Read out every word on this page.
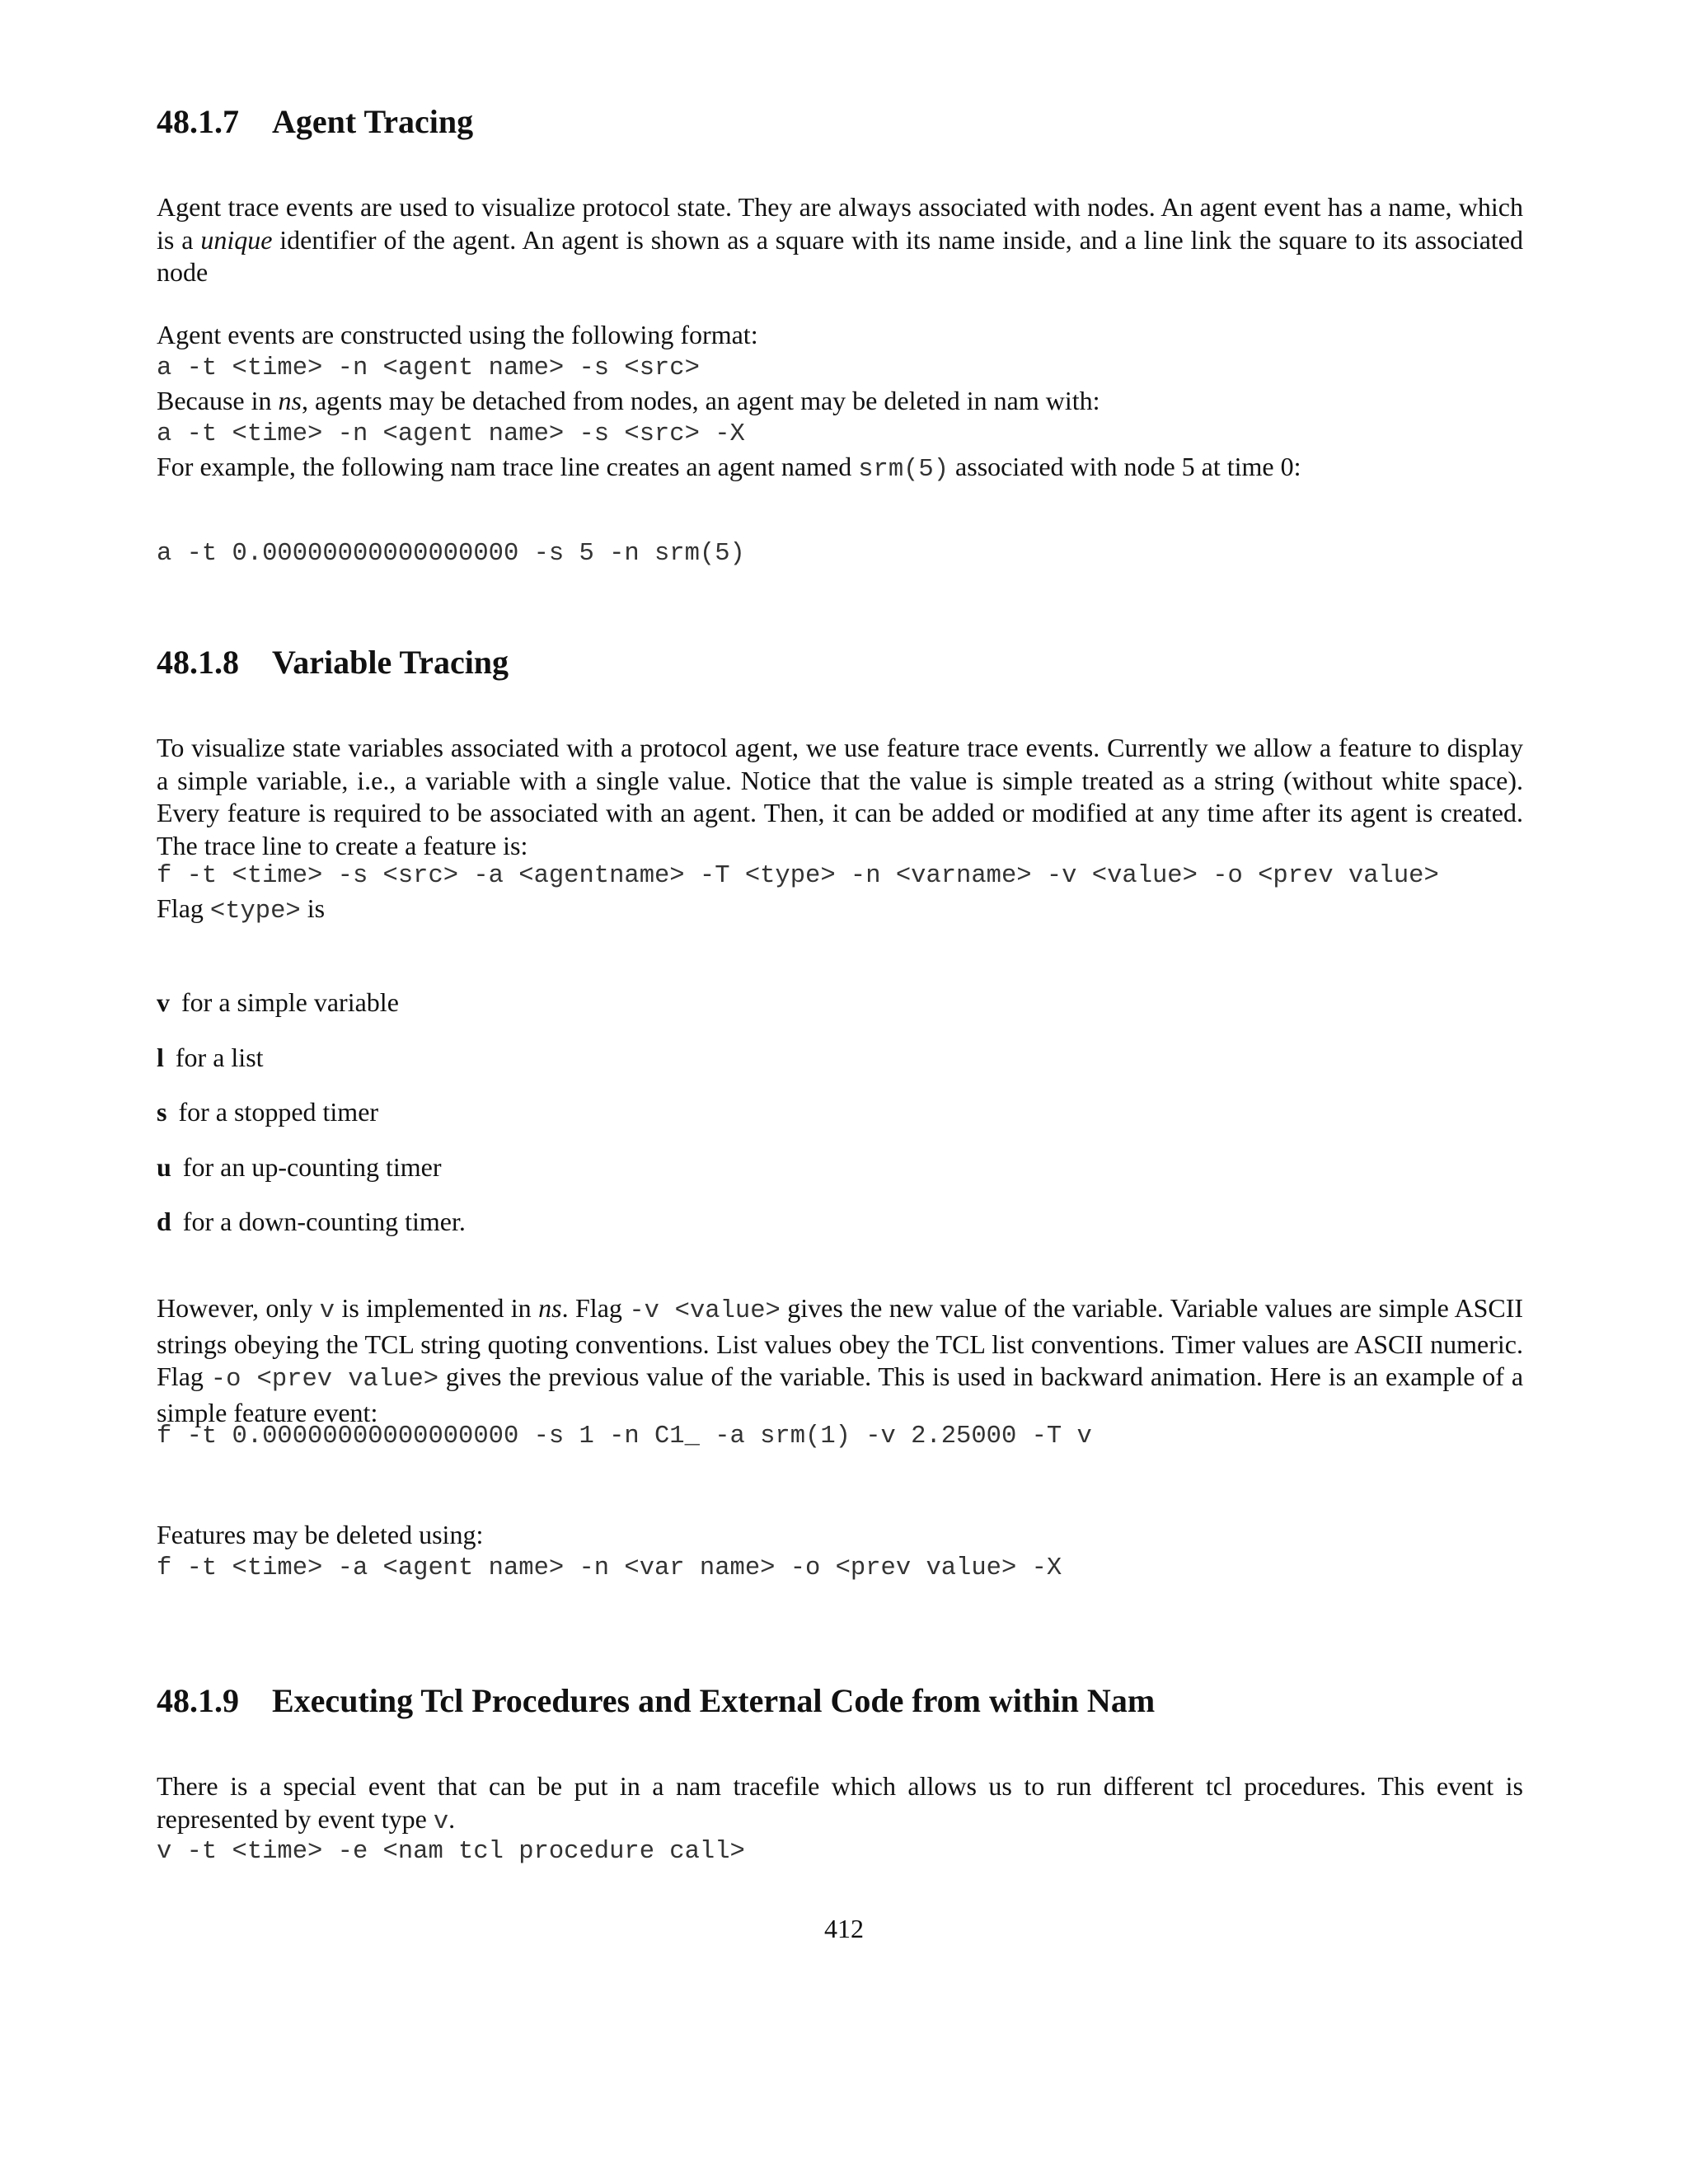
48.1.7 Agent Tracing
Agent trace events are used to visualize protocol state. They are always associated with nodes. An agent event has a name, which is a unique identifier of the agent. An agent is shown as a square with its name inside, and a line link the square to its associated node
Agent events are constructed using the following format:
a -t <time> -n <agent name> -s <src>
Because in ns, agents may be detached from nodes, an agent may be deleted in nam with:
a -t <time> -n <agent name> -s <src> -X
For example, the following nam trace line creates an agent named srm(5) associated with node 5 at time 0:
a -t 0.00000000000000000 -s 5 -n srm(5)
48.1.8 Variable Tracing
To visualize state variables associated with a protocol agent, we use feature trace events. Currently we allow a feature to display a simple variable, i.e., a variable with a single value. Notice that the value is simple treated as a string (without white space). Every feature is required to be associated with an agent. Then, it can be added or modified at any time after its agent is created. The trace line to create a feature is:
f -t <time> -s <src> -a <agentname> -T <type> -n <varname> -v <value> -o <prev value>
Flag <type> is
v for a simple variable
l for a list
s for a stopped timer
u for an up-counting timer
d for a down-counting timer.
However, only v is implemented in ns. Flag -v <value> gives the new value of the variable. Variable values are simple ASCII strings obeying the TCL string quoting conventions. List values obey the TCL list conventions. Timer values are ASCII numeric. Flag -o <prev value> gives the previous value of the variable. This is used in backward animation. Here is an example of a simple feature event:
f -t 0.00000000000000000 -s 1 -n C1_ -a srm(1) -v 2.25000 -T v
Features may be deleted using:
f -t <time> -a <agent name> -n <var name> -o <prev value> -X
48.1.9 Executing Tcl Procedures and External Code from within Nam
There is a special event that can be put in a nam tracefile which allows us to run different tcl procedures. This event is represented by event type v.
v -t <time> -e <nam tcl procedure call>
412
